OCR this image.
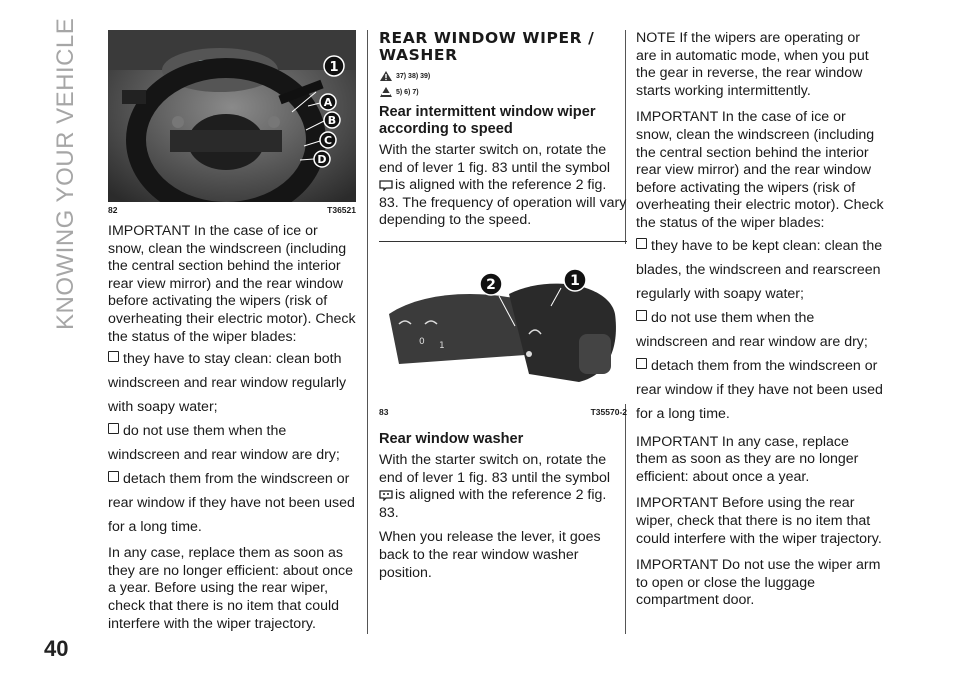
KNOWING YOUR VEHICLE
40
1
A
B
C
D
82	T36521

IMPORTANT In the case of ice or snow, clean the windscreen (including the central section behind the interior rear view mirror) and the rear window before activating the wipers (risk of overheating their electric motor). Check the status of the wiper blades:

they have to stay clean: clean both windscreen and rear window regularly with soapy water;
do not use them when the windscreen and rear window are dry;
detach them from the windscreen or rear window if they have not been used for a long time.

In any case, replace them as soon as they are no longer efficient: about once a year. Before using the rear wiper, check that there is no item that could interfere with the wiper trajectory.

REAR WINDOW WIPER / WASHER
37) 38) 39)
5) 6) 7)
Rear intermittent window wiper according to speed

With the starter switch on, rotate the end of lever 1 fig. 83 until the symbol
is aligned with the reference 2 fig. 83. The frequency of operation will vary depending to the speed.

0 1
2	1
83	T35570-2
Rear window washer

With the starter switch on, rotate the end of lever 1 fig. 83 until the symbol
is aligned with the reference 2 fig. 83.

When you release the lever, it goes back to the rear window washer position.

NOTE If the wipers are operating or are in automatic mode, when you put the gear in reverse, the rear window starts working intermittently.

IMPORTANT In the case of ice or snow, clean the windscreen (including the central section behind the interior rear view mirror) and the rear window before activating the wipers (risk of overheating their electric motor). Check the status of the wiper blades:

they have to be kept clean: clean the blades, the windscreen and rearscreen regularly with soapy water;
do not use them when the windscreen and rear window are dry;
detach them from the windscreen or rear window if they have not been used for a long time.

IMPORTANT In any case, replace them as soon as they are no longer efficient: about once a year.

IMPORTANT Before using the rear wiper, check that there is no item that could interfere with the wiper trajectory.

IMPORTANT Do not use the wiper arm to open or close the luggage compartment door.
